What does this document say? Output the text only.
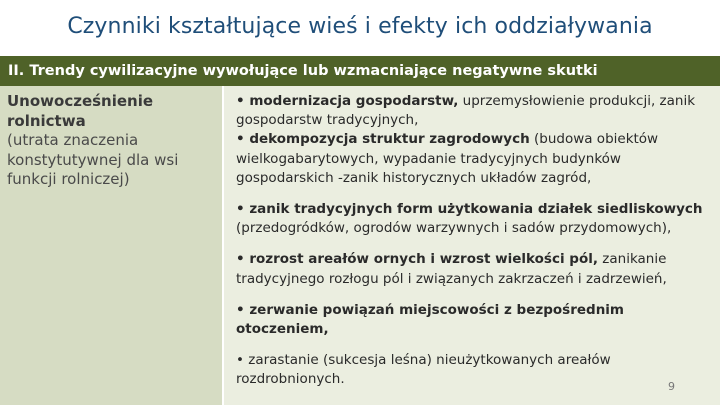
Czynniki kształtujące wieś i efekty ich oddziaływania
II. Trendy cywilizacyjne wywołujące lub wzmacniające negatywne skutki
Unowocześnienie rolnictwa
(utrata znaczenia konstytutywnej dla wsi funkcji rolniczej)
• modernizacja gospodarstw, uprzemysłowienie produkcji, zanik gospodarstw tradycyjnych,
• dekompozycja struktur zagrodowych (budowa obiektów wielkogabarytowych, wypadanie tradycyjnych budynków gospodarskich -zanik historycznych układów zagród,
• zanik tradycyjnych form użytkowania działek siedliskowych (przedogródków, ogrodów warzywnych i sadów przydomowych),
• rozrost areałów ornych i wzrost wielkości pól, zanikanie tradycyjnego rozłogu pól i związanych zakrzaczeń i zadrzewień,
• zerwanie powiązań miejscowości z bezpośrednim otoczeniem,
• zarastanie (sukcesja leśna) nieużytkowanych areałów rozdrobnionych.	9
